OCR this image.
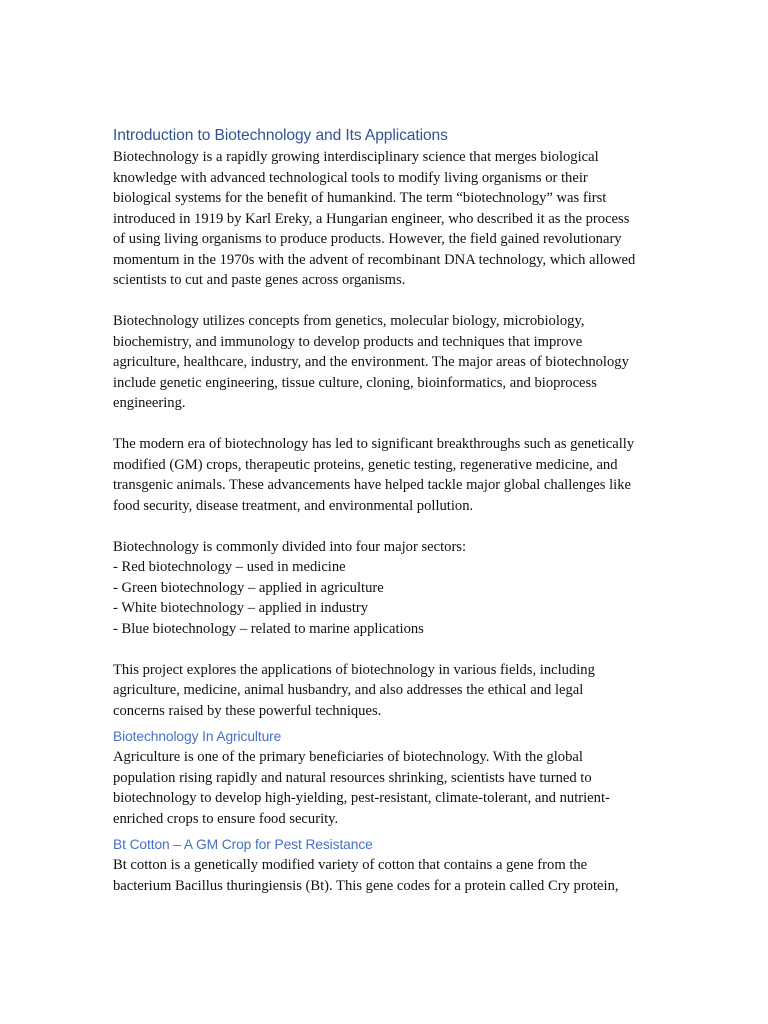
Introduction to Biotechnology and Its Applications

Biotechnology is a rapidly growing interdisciplinary science that merges biological
knowledge with advanced technological tools to modify living organisms or their
biological systems for the benefit of humankind. The term “biotechnology” was first
introduced in 1919 by Karl Ereky, a Hungarian engineer, who described it as the process
of using living organisms to produce products. However, the field gained revolutionary
momentum in the 1970s with the advent of recombinant DNA technology, which allowed
scientists to cut and paste genes across organisms.

Biotechnology utilizes concepts from genetics, molecular biology, microbiology,
biochemistry, and immunology to develop products and techniques that improve
agriculture, healthcare, industry, and the environment. The major areas of biotechnology
include genetic engineering, tissue culture, cloning, bioinformatics, and bioprocess
engineering.

The modern era of biotechnology has led to significant breakthroughs such as genetically
modified (GM) crops, therapeutic proteins, genetic testing, regenerative medicine, and
transgenic animals. These advancements have helped tackle major global challenges like
food security, disease treatment, and environmental pollution.

Biotechnology is commonly divided into four major sectors:

- Red biotechnology – used in medicine
- Green biotechnology – applied in agriculture
- White biotechnology – applied in industry
- Blue biotechnology – related to marine applications

This project explores the applications of biotechnology in various fields, including
agriculture, medicine, animal husbandry, and also addresses the ethical and legal
concerns raised by these powerful techniques.

Biotechnology In Agriculture

Agriculture is one of the primary beneficiaries of biotechnology. With the global
population rising rapidly and natural resources shrinking, scientists have turned to
biotechnology to develop high-yielding, pest-resistant, climate-tolerant, and nutrient-
enriched crops to ensure food security.

Bt Cotton – A GM Crop for Pest Resistance

Bt cotton is a genetically modified variety of cotton that contains a gene from the
bacterium Bacillus thuringiensis (Bt). This gene codes for a protein called Cry protein,
